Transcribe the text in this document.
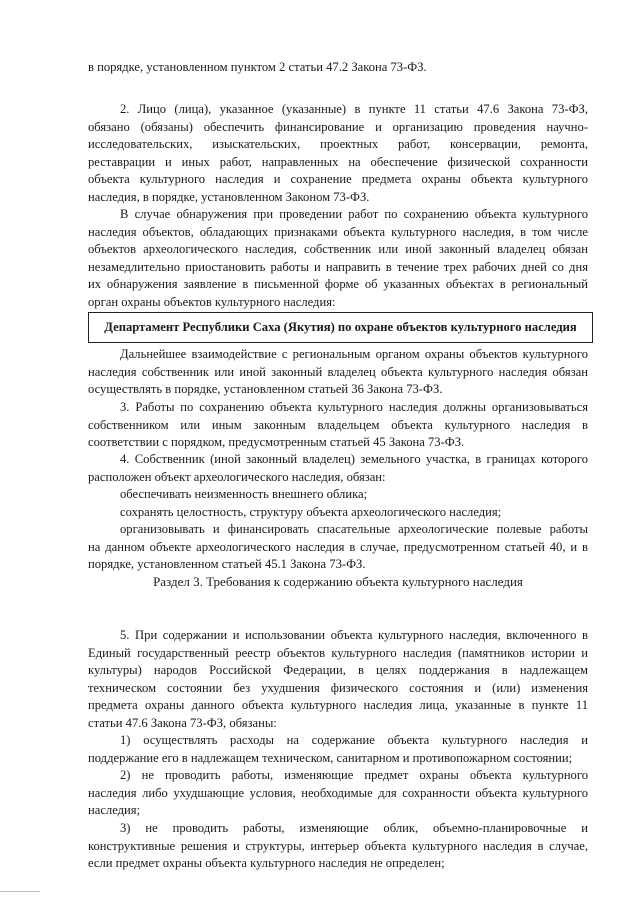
в порядке, установленном пунктом 2 статьи 47.2 Закона 73-ФЗ.
2. Лицо (лица), указанное (указанные) в пункте 11 статьи 47.6 Закона 73-ФЗ,
обязано (обязаны) обеспечить финансирование и организацию проведения научно-
исследовательских, изыскательских, проектных работ, консервации, ремонта,
реставрации и иных работ, направленных на обеспечение физической сохранности
объекта культурного наследия и сохранение предмета охраны объекта культурного
наследия, в порядке, установленном Законом 73-ФЗ.
В случае обнаружения при проведении работ по сохранению объекта культурного
наследия объектов, обладающих признаками объекта культурного наследия, в том числе
объектов археологического наследия, собственник или иной законный владелец обязан
незамедлительно приостановить работы и направить в течение трех рабочих дней со дня
их обнаружения заявление в письменной форме об указанных объектах в региональный
орган охраны объектов культурного наследия:
Департамент Республики Саха (Якутия) по охране объектов культурного наследия
Дальнейшее взаимодействие с региональным органом охраны объектов культурного
наследия собственник или иной законный владелец объекта культурного наследия обязан
осуществлять в порядке, установленном статьей 36 Закона 73-ФЗ.
3. Работы по сохранению объекта культурного наследия должны организовываться
собственником или иным законным владельцем объекта культурного наследия в
соответствии с порядком, предусмотренным статьей 45 Закона 73-ФЗ.
4. Собственник (иной законный владелец) земельного участка, в границах которого
расположен объект археологического наследия, обязан:
обеспечивать неизменность внешнего облика;
сохранять целостность, структуру объекта археологического наследия;
организовывать и финансировать спасательные археологические полевые работы
на данном объекте археологического наследия в случае, предусмотренном статьей 40, и в
порядке, установленном статьей 45.1 Закона 73-ФЗ.
Раздел 3. Требования к содержанию объекта культурного наследия
5. При содержании и использовании объекта культурного наследия, включенного в
Единый государственный реестр объектов культурного наследия (памятников истории и
культуры) народов Российской Федерации, в целях поддержания в надлежащем
техническом состоянии без ухудшения физического состояния и (или) изменения
предмета охраны данного объекта культурного наследия лица, указанные в пункте 11
статьи 47.6 Закона 73-ФЗ, обязаны:
1) осуществлять расходы на содержание объекта культурного наследия и
поддержание его в надлежащем техническом, санитарном и противопожарном состоянии;
2) не проводить работы, изменяющие предмет охраны объекта культурного
наследия либо ухудшающие условия, необходимые для сохранности объекта культурного
наследия;
3) не проводить работы, изменяющие облик, объемно-планировочные и
конструктивные решения и структуры, интерьер объекта культурного наследия в случае,
если предмет охраны объекта культурного наследия не определен;
